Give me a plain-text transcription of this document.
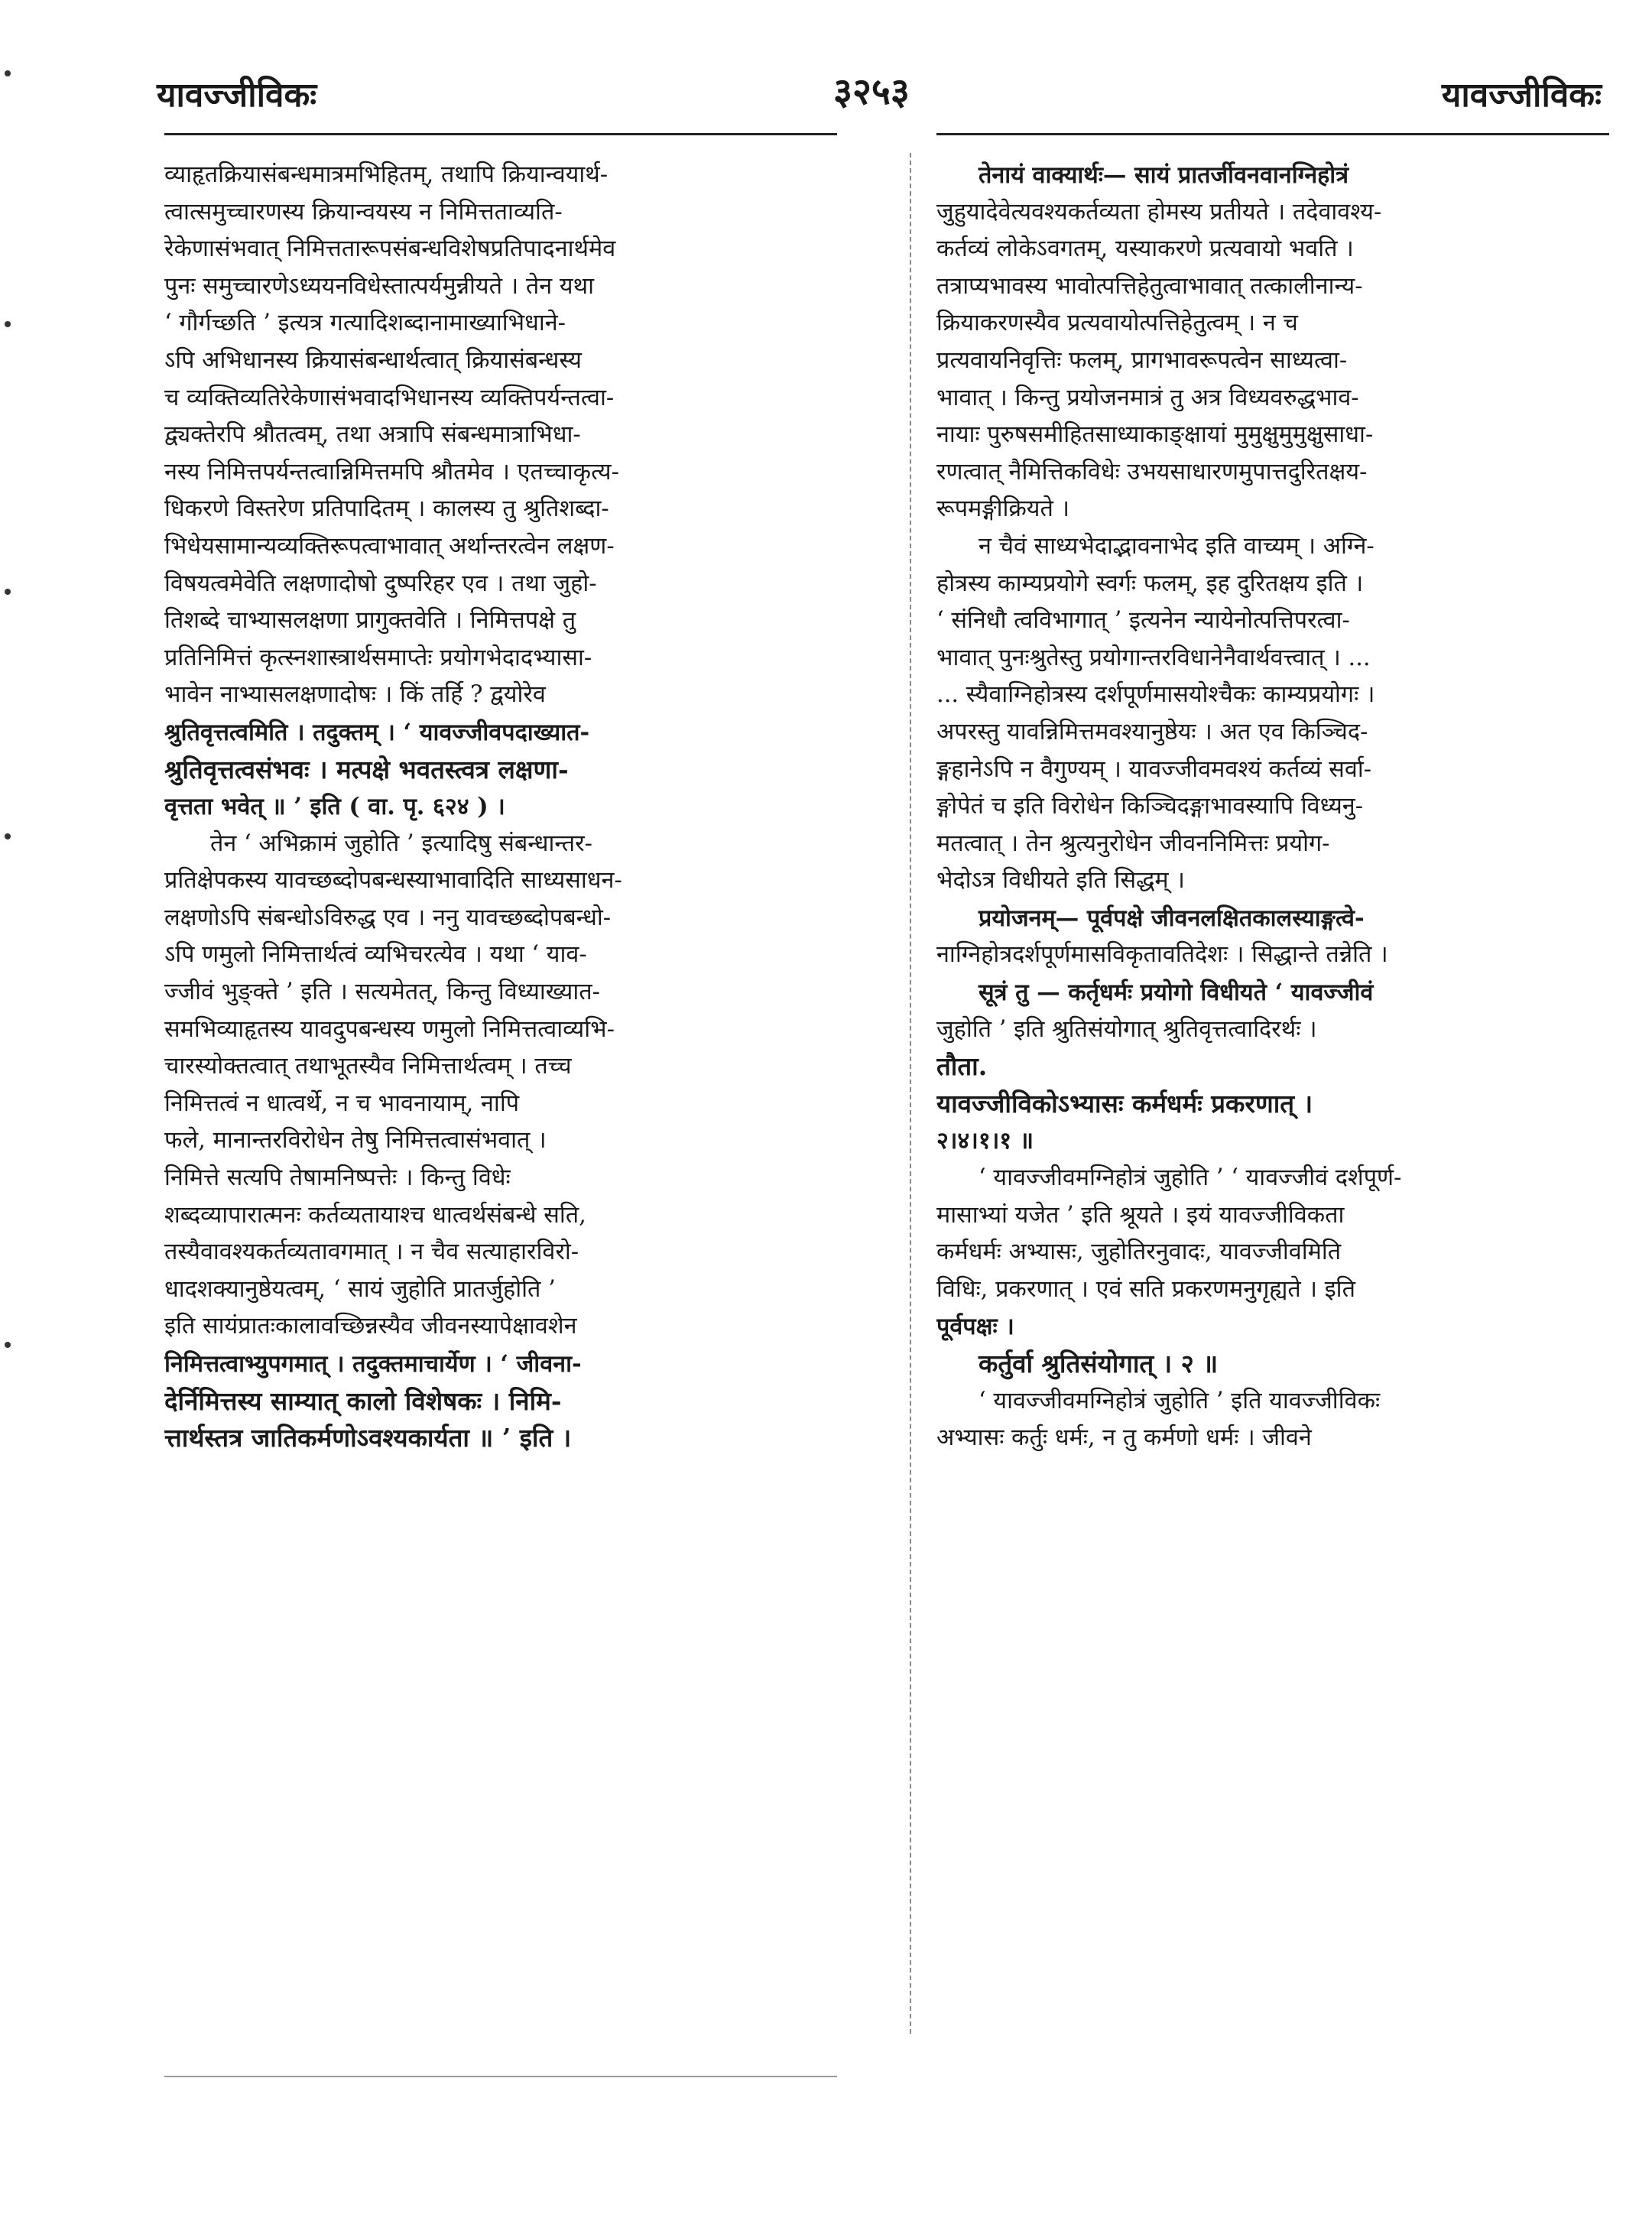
यावज्जीविकः	३२५३	यावज्जीविकः

व्याहृतक्रियासंबन्धमात्रमभिहितम्, तथापि क्रियान्वयार्थ-

त्वात्समुच्चारणस्य क्रियान्वयस्य न निमित्तताव्यति-

रेकेणासंभवात् निमित्ततारूपसंबन्धविशेषप्रतिपादनार्थमेव

पुनः समुच्चारणेऽध्ययनविधेस्तात्पर्यमुन्नीयते । तेन यथा

‘ गौर्गच्छति ’ इत्यत्र गत्यादिशब्दानामाख्याभिधाने-

ऽपि अभिधानस्य क्रियासंबन्धार्थत्वात् क्रियासंबन्धस्य

च व्यक्तिव्यतिरेकेणासंभवादभिधानस्य व्यक्तिपर्यन्तत्वा-

द्व्यक्तेरपि श्रौतत्वम्, तथा अत्रापि संबन्धमात्राभिधा-

नस्य निमित्तपर्यन्तत्वान्निमित्तमपि श्रौतमेव । एतच्चाकृत्य-

धिकरणे विस्तरेण प्रतिपादितम् । कालस्य तु श्रुतिशब्दा-

भिधेयसामान्यव्यक्तिरूपत्वाभावात् अर्थान्तरत्वेन लक्षण-

विषयत्वमेवेति लक्षणादोषो दुष्परिहर एव । तथा जुहो-

तिशब्दे चाभ्यासलक्षणा प्रागुक्तवेति । निमित्तपक्षे तु

प्रतिनिमित्तं कृत्स्नशास्त्रार्थसमाप्तेः प्रयोगभेदादभ्यासा-

भावेन नाभ्यासलक्षणादोषः । किं तर्हि ? द्वयोरेव

श्रुतिवृत्तत्वमिति । तदुक्तम् । ‘ यावज्जीवपदाख्यात-

श्रुतिवृत्तत्वसंभवः । मत्पक्षे भवतस्त्वत्र लक्षणा-

वृत्तता भवेत् ॥ ’ इति ( वा. पृ. ६२४ ) ।

तेन ‘ अभिक्रामं जुहोति ’ इत्यादिषु संबन्धान्तर-

प्रतिक्षेपकस्य यावच्छब्दोपबन्धस्याभावादिति साध्यसाधन-

लक्षणोऽपि संबन्धोऽविरुद्ध एव । ननु यावच्छब्दोपबन्धो-

ऽपि णमुलो निमित्तार्थत्वं व्यभिचरत्येव । यथा ‘ याव-

ज्जीवं भुङ्क्ते ’ इति । सत्यमेतत्, किन्तु विध्याख्यात-

समभिव्याहृतस्य यावदुपबन्धस्य णमुलो निमित्तत्वाव्यभि-

चारस्योक्तत्वात् तथाभूतस्यैव निमित्तार्थत्वम् । तच्च

निमित्तत्वं न धात्वर्थे, न च भावनायाम्, नापि

फले, मानान्तरविरोधेन तेषु निमित्तत्वासंभवात् ।

निमित्ते सत्यपि तेषामनिष्पत्तेः । किन्तु विधेः

शब्दव्यापारात्मनः कर्तव्यतायाश्च धात्वर्थसंबन्धे सति,

तस्यैवावश्यकर्तव्यतावगमात् । न चैव सत्याहारविरो-

धादशक्यानुष्ठेयत्वम्, ‘ सायं जुहोति प्रातर्जुहोति ’

इति सायंप्रातःकालावच्छिन्नस्यैव जीवनस्यापेक्षावशेन

निमित्तत्वाभ्युपगमात् । तदुक्तमाचार्येण । ‘ जीवना-

देर्निमित्तस्य साम्यात् कालो विशेषकः । निमि-

त्तार्थस्तत्र जातिकर्मणोऽवश्यकार्यता ॥ ’ इति ।

तेनायं वाक्यार्थः— सायं प्रातर्जीवनवानग्निहोत्रं

जुहुयादेवेत्यवश्यकर्तव्यता होमस्य प्रतीयते । तदेवावश्य-

कर्तव्यं लोकेऽवगतम्, यस्याकरणे प्रत्यवायो भवति ।

तत्राप्यभावस्य भावोत्पत्तिहेतुत्वाभावात् तत्कालीनान्य-

क्रियाकरणस्यैव प्रत्यवायोत्पत्तिहेतुत्वम् । न च

प्रत्यवायनिवृत्तिः फलम्, प्रागभावरूपत्वेन साध्यत्वा-

भावात् । किन्तु प्रयोजनमात्रं तु अत्र विध्यवरुद्धभाव-

नायाः पुरुषसमीहितसाध्याकाङ्क्षायां मुमुक्षुमुमुक्षुसाधा-

रणत्वात् नैमित्तिकविधेः उभयसाधारणमुपात्तदुरितक्षय-

रूपमङ्गीक्रियते ।

न चैवं साध्यभेदाद्भावनाभेद इति वाच्यम् । अग्नि-

होत्रस्य काम्यप्रयोगे स्वर्गः फलम्, इह दुरितक्षय इति ।

‘ संनिधौ त्वविभागात् ’ इत्यनेन न्यायेनोत्पत्तिपरत्वा-

भावात् पुनःश्रुतेस्तु प्रयोगान्तरविधानेनैवार्थवत्त्वात् । ...

... स्यैवाग्निहोत्रस्य दर्शपूर्णमासयोश्चैकः काम्यप्रयोगः ।

अपरस्तु यावन्निमित्तमवश्यानुष्ठेयः । अत एव किञ्चिद-

ङ्गहानेऽपि न वैगुण्यम् । यावज्जीवमवश्यं कर्तव्यं सर्वा-

ङ्गोपेतं च इति विरोधेन किञ्चिदङ्गाभावस्यापि विध्यनु-

मतत्वात् । तेन श्रुत्यनुरोधेन जीवननिमित्तः प्रयोग-

भेदोऽत्र विधीयते इति सिद्धम् ।

प्रयोजनम्— पूर्वपक्षे जीवनलक्षितकालस्याङ्गत्वे-

नाग्निहोत्रदर्शपूर्णमासविकृतावतिदेशः । सिद्धान्ते तन्नेति ।

सूत्रं तु — कर्तृधर्मः प्रयोगो विधीयते ‘ यावज्जीवं

जुहोति ’ इति श्रुतिसंयोगात् श्रुतिवृत्तत्वादिरर्थः ।

तौता.

यावज्जीविकोऽभ्यासः कर्मधर्मः प्रकरणात् ।

२।४।१।१ ॥

‘ यावज्जीवमग्निहोत्रं जुहोति ’ ‘ यावज्जीवं दर्शपूर्ण-

मासाभ्यां यजेत ’ इति श्रूयते । इयं यावज्जीविकता

कर्मधर्मः अभ्यासः, जुहोतिरनुवादः, यावज्जीवमिति

विधिः, प्रकरणात् । एवं सति प्रकरणमनुगृह्यते । इति

पूर्वपक्षः ।

कर्तुर्वा श्रुतिसंयोगात् । २ ॥

‘ यावज्जीवमग्निहोत्रं जुहोति ’ इति यावज्जीविकः

अभ्यासः कर्तुः धर्मः, न तु कर्मणो धर्मः । जीवने
